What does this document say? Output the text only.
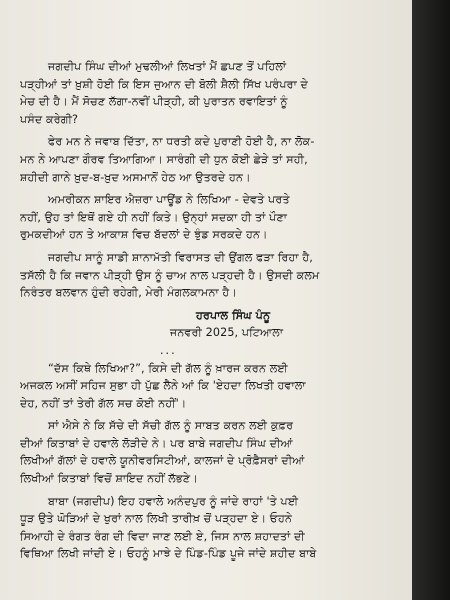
ਜਗਦੀਪ ਸਿੰਘ ਦੀਆਂ ਮੁਢਲੀਆਂ ਲਿਖਤਾਂ ਮੈਂ ਛਪਣ ਤੋਂ ਪਹਿਲਾਂ

ਪੜ੍ਹੀਆਂ ਤਾਂ ਖ਼ੁਸ਼ੀ ਹੋਈ ਕਿ ਇਸ ਜੁਆਨ ਦੀ ਬੋਲੀ ਸ਼ੈਲੀ ਸਿੱਖ ਪਰੰਪਰਾ ਦੇ

ਮੇਚ ਦੀ ਹੈ। ਮੈਂ ਸੋਚਣ ਲੱਗਾ-ਨਵੀਂ ਪੀੜ੍ਹੀ, ਕੀ ਪੁਰਾਤਨ ਰਵਾਇਤਾਂ ਨੂੰ

ਪਸੰਦ ਕਰੇਗੀ?

ਫੇਰ ਮਨ ਨੇ ਜਵਾਬ ਦਿੱਤਾ, ਨਾ ਧਰਤੀ ਕਦੇ ਪੁਰਾਣੀ ਹੋਈ ਹੈ, ਨਾ ਲੋਕ-

ਮਨ ਨੇ ਆਪਣਾ ਗੌਰਵ ਤਿਆਗਿਆ। ਸਾਰੰਗੀ ਦੀ ਧੁਨ ਕੋਈ ਛੇੜੇ ਤਾਂ ਸਹੀ,

ਸ਼ਹੀਦੀ ਗਾਨੇ ਖ਼ੁਦ-ਬ-ਖ਼ੁਦ ਅਸਮਾਨੋਂ ਹੇਠ ਆ ਉਤਰਦੇ ਹਨ।

ਅਮਰੀਕਨ ਸ਼ਾਇਰ ਐਜ਼ਰਾ ਪਾਊਂਡ ਨੇ ਲਿਖਿਆ - ਦੇਵਤੇ ਪਰਤੇ

ਨਹੀਂ, ਉਹ ਤਾਂ ਇਥੋਂ ਗਏ ਹੀ ਨਹੀਂ ਕਿਤੇ। ਉਨ੍ਹਾਂ ਸਦਕਾ ਹੀ ਤਾਂ ਪੌਣਾ

ਰੁਮਕਦੀਆਂ ਹਨ ਤੇ ਆਕਾਸ਼ ਵਿਚ ਬੱਦਲਾਂ ਦੇ ਝੁੰਡ ਸਰਕਦੇ ਹਨ।

ਜਗਦੀਪ ਸਾਨੂੰ ਸਾਡੀ ਸ਼ਾਨਾਮੱਤੀ ਵਿਰਾਸਤ ਦੀ ਉਂਗਲ ਫੜਾ ਰਿਹਾ ਹੈ,

ਤਸੱਲੀ ਹੈ ਕਿ ਜਵਾਨ ਪੀੜ੍ਹੀ ਉਸ ਨੂੰ ਚਾਅ ਨਾਲ ਪੜ੍ਹਦੀ ਹੈ। ਉਸਦੀ ਕਲਮ

ਨਿਰੰਤਰ ਬਲਵਾਨ ਹੁੰਦੀ ਰਹੇਗੀ, ਮੇਰੀ ਮੰਗਲਕਾਮਨਾ ਹੈ।

ਹਰਪਾਲ ਸਿੰਘ ਪੰਨੂ

ਜਨਵਰੀ 2025, ਪਟਿਆਲਾ

...

“ਦੱਸ ਕਿਥੇ ਲਿਖਿਆ?”, ਕਿਸੇ ਦੀ ਗੱਲ ਨੂੰ ਖ਼ਾਰਜ ਕਰਨ ਲਈ

ਅਜਕਲ ਅਸੀਂ ਸਹਿਜ ਸੁਭਾ ਹੀ ਪੁੱਛ ਲੈਨੇ ਆਂ ਕਿ 'ਏਹਦਾ ਲਿਖਤੀ ਹਵਾਲਾ

ਦੇਹ, ਨਹੀਂ ਤਾਂ ਤੇਰੀ ਗੱਲ ਸਚ ਕੋਈ ਨਹੀਂ'।

ਸਾਂ ਐਸੇ ਨੇ ਕਿ ਸੱਚੇ ਦੀ ਸੱਚੀ ਗੱਲ ਨੂੰ ਸਾਬਤ ਕਰਨ ਲਈ ਕੁਫ਼ਰ

ਦੀਆਂ ਕਿਤਾਬਾਂ ਦੇ ਹਵਾਲੇ ਲੋੜੀਦੇ ਨੇ। ਪਰ ਬਾਬੇ ਜਗਦੀਪ ਸਿੰਘ ਦੀਆਂ

ਲਿਖੀਆਂ ਗੱਲਾਂ ਦੇ ਹਵਾਲੇ ਯੂਨੀਵਰਸਿਟੀਆਂ, ਕਾਲਜਾਂ ਦੇ ਪ੍ਰੋਫ਼ੈਸਰਾਂ ਦੀਆਂ

ਲਿਖੀਆਂ ਕਿਤਾਬਾਂ ਵਿਚੋਂ ਸ਼ਾਇਦ ਨਹੀਂ ਲੱਭਣੇ।

ਬਾਬਾ (ਜਗਦੀਪ) ਇਹ ਹਵਾਲੇ ਅਨੰਦਪੁਰ ਨੂੰ ਜਾਂਦੇ ਰਾਹਾਂ 'ਤੇ ਪਈ

ਧੂੜ ਉਤੇ ਘੋੜਿਆਂ ਦੇ ਖੁਰਾਂ ਨਾਲ ਲਿਖੀ ਤਾਰੀਖ਼ ਚੋਂ ਪੜ੍ਹਦਾ ਏ। ਓਹਨੇ

ਸਿਆਹੀ ਦੇ ਰੰਗਤ ਰੰਗ ਦੀ ਵਿਦਾ ਜਾਣ ਲਈ ਏ, ਜਿਸ ਨਾਲ ਸ਼ਹਾਦਤਾਂ ਦੀ

ਵਿਥਿਆ ਲਿਖੀ ਜਾਂਦੀ ਏ। ਓਹਨੂੰ ਮਾਝੇ ਦੇ ਪਿੰਡ-ਪਿੰਡ ਪੂਜੇ ਜਾਂਦੇ ਸ਼ਹੀਦ ਬਾਬੇ
